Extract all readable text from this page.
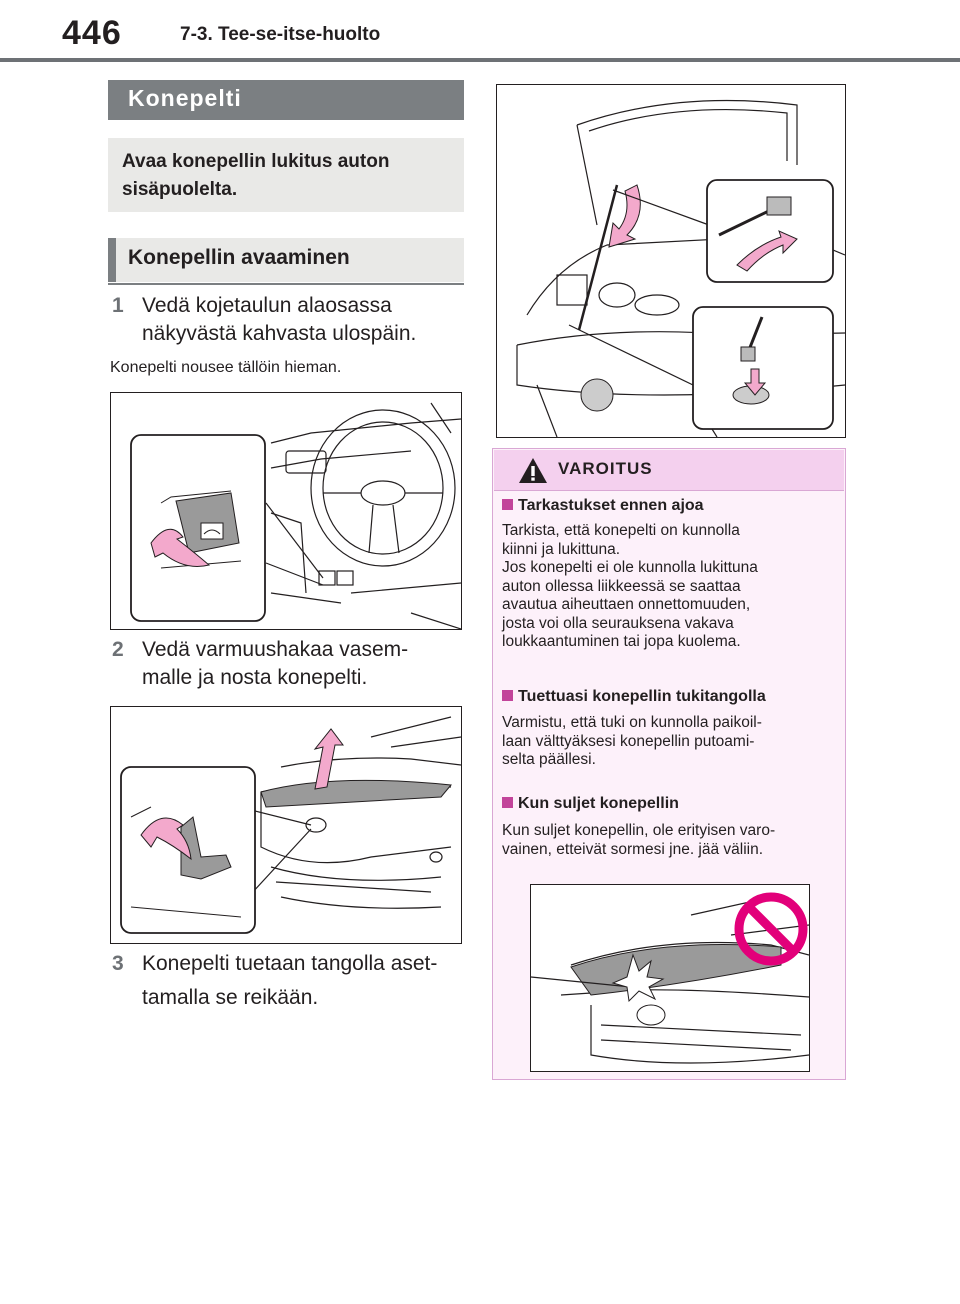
446	7-3. Tee-se-itse-huolto
Konepelti
Avaa konepellin lukitus auton sisäpuolelta.
Konepellin avaaminen
1 Vedä kojetaulun alaosassa
näkyvästä kahvasta ulospäin.
Konepelti nousee tällöin hieman.
2 Vedä varmuushakaa vasem-
malle ja nosta konepelti.
3 Konepelti tuetaan tangolla aset-
tamalla se reikään.
VAROITUS
Tarkastukset ennen ajoa
Tarkista, että konepelti on kunnolla
kiinni ja lukittuna.
Jos konepelti ei ole kunnolla lukittuna
auton ollessa liikkeessä se saattaa
avautua aiheuttaen onnettomuuden,
josta voi olla seurauksena vakava
loukkaantuminen tai jopa kuolema.
Tuettuasi konepellin tukitangolla
Varmistu, että tuki on kunnolla paikoil-
laan välttyäksesi konepellin putoami-
selta päällesi.
Kun suljet konepellin
Kun suljet konepellin, ole erityisen varo-
vainen, etteivät sormesi jne. jää väliin.
